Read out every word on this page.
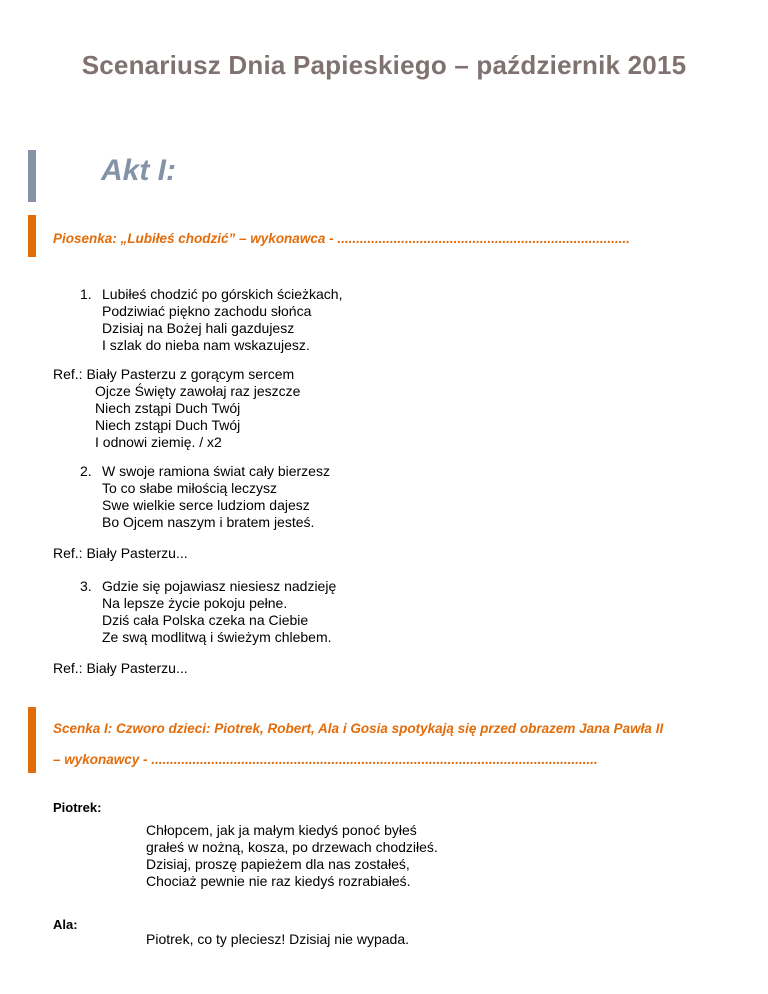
Scenariusz Dnia Papieskiego – październik 2015
Akt I:
Piosenka: „Lubiłeś chodzić” – wykonawca - ..............................................................................
1. Lubiłeś chodzić po górskich ścieżkach,
Podziwiać piękno zachodu słońca
Dzisiaj na Bożej hali gazdujesz
I szlak do nieba nam wskazujesz.
Ref.: Biały Pasterzu z gorącym sercem
Ojcze Święty zawołaj raz jeszcze
Niech zstąpi Duch Twój
Niech zstąpi Duch Twój
I odnowi ziemię. / x2
2. W swoje ramiona świat cały bierzesz
To co słabe miłością leczysz
Swe wielkie serce ludziom dajesz
Bo Ojcem naszym i bratem jesteś.
Ref.: Biały Pasterzu...
3. Gdzie się pojawiasz niesiesz nadzieję
Na lepsze życie pokoju pełne.
Dziś cała Polska czeka na Ciebie
Ze swą modlitwą i świeżym chlebem.
Ref.: Biały Pasterzu...
Scenka I: Czworo dzieci: Piotrek, Robert, Ala i Gosia spotykają się przed obrazem Jana Pawła II
– wykonawcy - .......................................................................................................................
Piotrek:
Chłopcem, jak ja małym kiedyś ponoć byłeś
grałeś w nożną, kosza, po drzewach chodziłeś.
Dzisiaj, proszę papieżem dla nas zostałeś,
Chociaż pewnie nie raz kiedyś rozrabiałeś.
Ala:
Piotrek, co ty pleciesz! Dzisiaj nie wypada.
